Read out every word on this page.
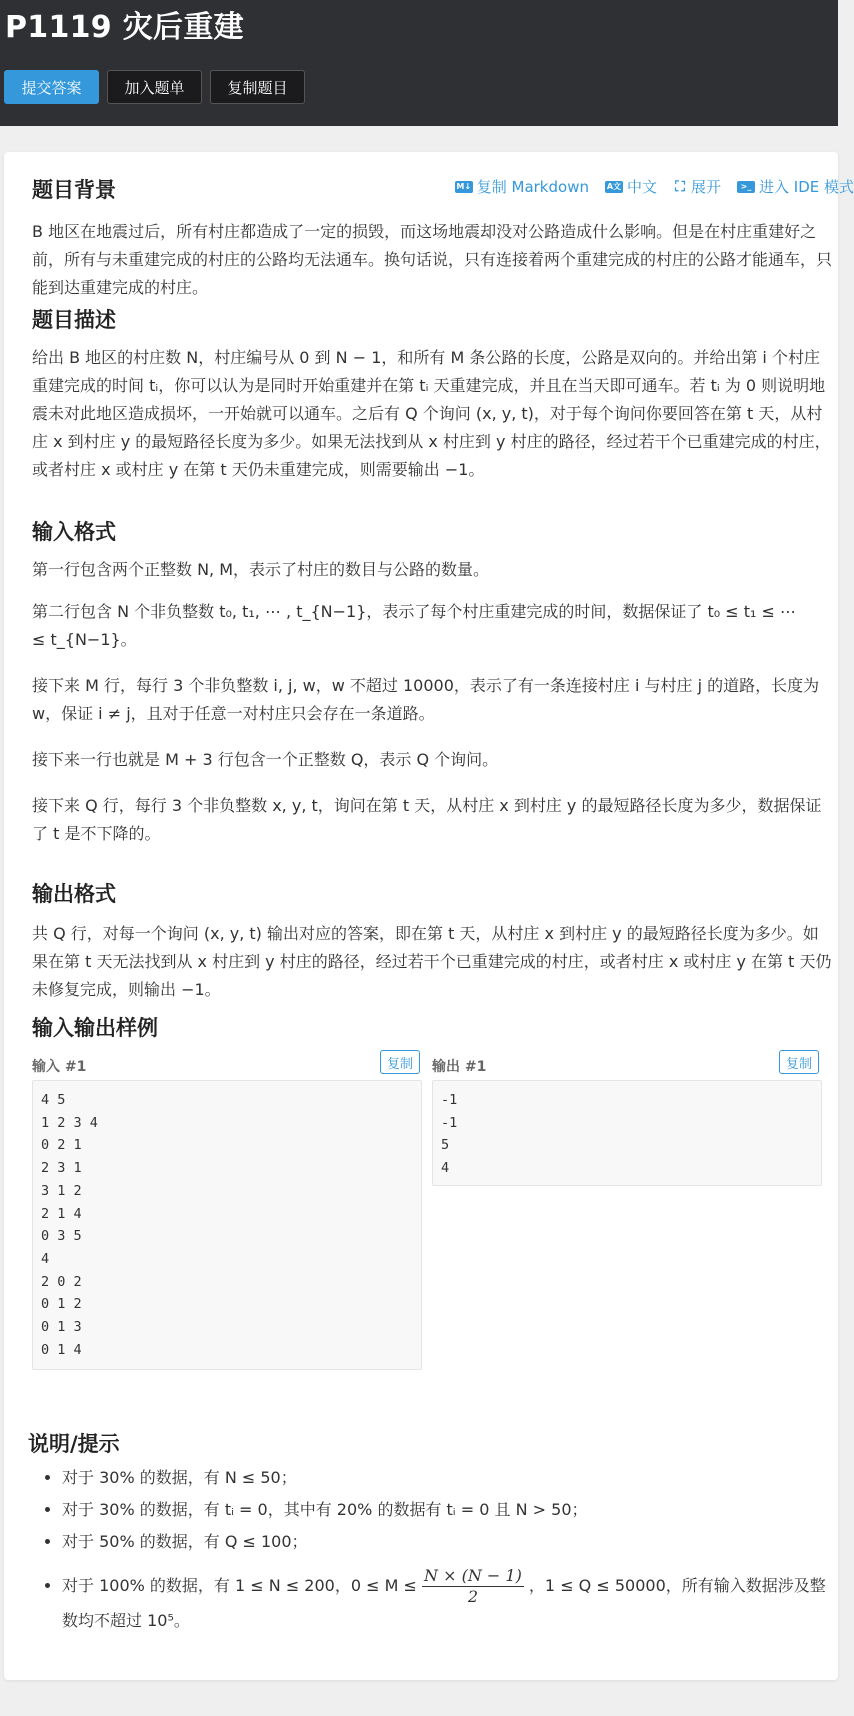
P1119 灾后重建
提交答案	加入题单	复制题目
M↓ 复制 Markdown A文 中文 ⛶ 展开	>_ 进入 IDE 模式
题目背景

B 地区在地震过后，所有村庄都造成了一定的损毁，而这场地震却没对公路造成什么影响。但是在村庄重建好之前，所有与未重建完成的村庄的公路均无法通车。换句话说，只有连接着两个重建完成的村庄的公路才能通车，只能到达重建完成的村庄。

题目描述

给出 B 地区的村庄数 N，村庄编号从 0 到 N − 1，和所有 M 条公路的长度，公路是双向的。并给出第 i 个村庄重建完成的时间 tᵢ，你可以认为是同时开始重建并在第 tᵢ 天重建完成，并且在当天即可通车。若 tᵢ 为 0 则说明地震未对此地区造成损坏，一开始就可以通车。之后有 Q 个询问 (x, y, t)，对于每个询问你要回答在第 t 天，从村庄 x 到村庄 y 的最短路径长度为多少。如果无法找到从 x 村庄到 y 村庄的路径，经过若干个已重建完成的村庄，或者村庄 x 或村庄 y 在第 t 天仍未重建完成，则需要输出 −1。

输入格式

第一行包含两个正整数 N, M，表示了村庄的数目与公路的数量。

第二行包含 N 个非负整数 t₀, t₁, ⋯ , t_{N−1}，表示了每个村庄重建完成的时间，数据保证了 t₀ ≤ t₁ ≤ ⋯ ≤ t_{N−1}。

接下来 M 行，每行 3 个非负整数 i, j, w，w 不超过 10000，表示了有一条连接村庄 i 与村庄 j 的道路，长度为 w，保证 i ≠ j，且对于任意一对村庄只会存在一条道路。

接下来一行也就是 M + 3 行包含一个正整数 Q，表示 Q 个询问。

接下来 Q 行，每行 3 个非负整数 x, y, t，询问在第 t 天，从村庄 x 到村庄 y 的最短路径长度为多少，数据保证了 t 是不下降的。

输出格式

共 Q 行，对每一个询问 (x, y, t) 输出对应的答案，即在第 t 天，从村庄 x 到村庄 y 的最短路径长度为多少。如果在第 t 天无法找到从 x 村庄到 y 村庄的路径，经过若干个已重建完成的村庄，或者村庄 x 或村庄 y 在第 t 天仍未修复完成，则输出 −1。

输入输出样例
输入 #1	复制
4 5
1 2 3 4
0 2 1
2 3 1
3 1 2
2 1 4
0 3 5
4
2 0 2
0 1 2
0 1 3
0 1 4
输出 #1	复制
-1
-1
5
4
说明/提示
• 对于 30% 的数据，有 N ≤ 50；
• 对于 30% 的数据，有 tᵢ = 0，其中有 20% 的数据有 tᵢ = 0 且 N > 50；
• 对于 50% 的数据，有 Q ≤ 100；
• 对于 100% 的数据，有 1 ≤ N ≤ 200，$0 \le M \le \frac{N \times (N - 1)}{2}$ ，1 ≤ Q ≤ 50000，所有输入数据涉及整数均不超过 10⁵。
